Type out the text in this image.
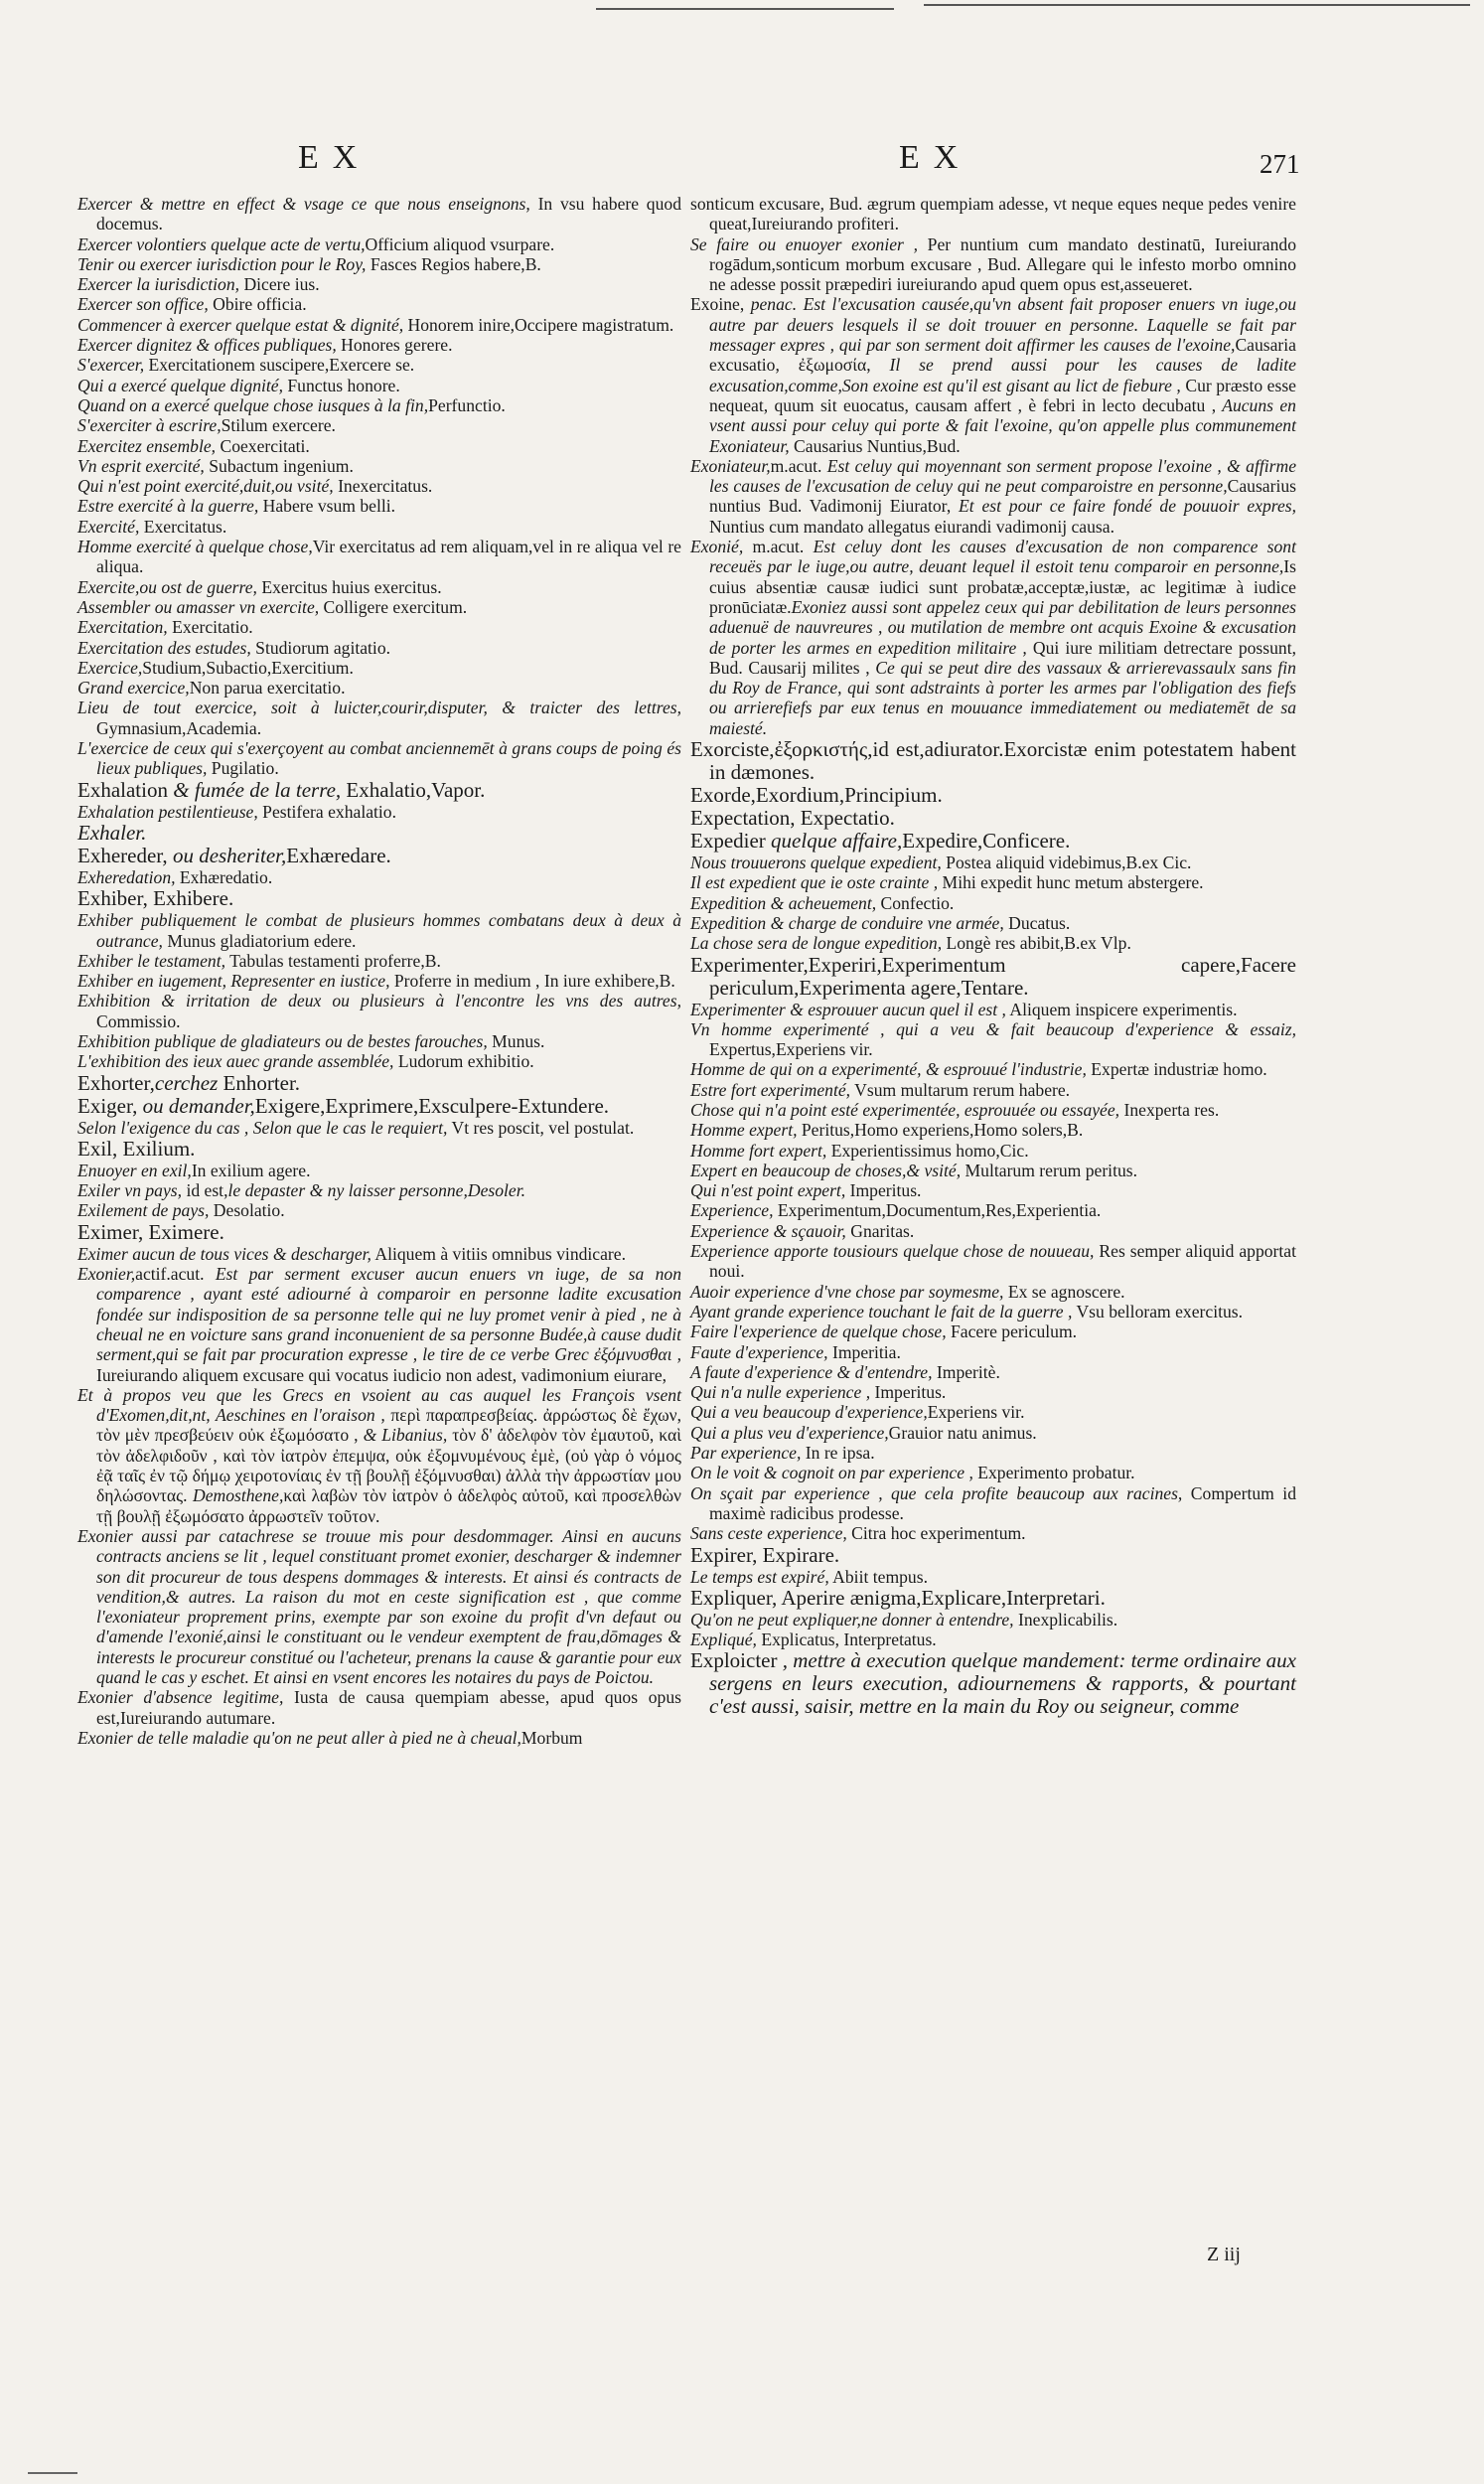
EX	EX	271

Exercer & mettre en effect & vsage ce que nous enseignons, In vsu habere quod docemus.

Exercer volontiers quelque acte de vertu,Officium aliquod vsurpare.

Tenir ou exercer iurisdiction pour le Roy, Fasces Regios habere,B.

Exercer la iurisdiction, Dicere ius.

Exercer son office, Obire officia.

Commencer à exercer quelque estat & dignité, Honorem inire,Occipere magistratum.

Exercer dignitez & offices publiques, Honores gerere.

S'exercer, Exercitationem suscipere,Exercere se.

Qui a exercé quelque dignité, Functus honore.

Quand on a exercé quelque chose iusques à la fin,Perfunctio.

S'exerciter à escrire,Stilum exercere.

Exercitez ensemble, Coexercitati.

Vn esprit exercité, Subactum ingenium.

Qui n'est point exercité,duit,ou vsité, Inexercitatus.

Estre exercité à la guerre, Habere vsum belli.

Exercité, Exercitatus.

Homme exercité à quelque chose,Vir exercitatus ad rem aliquam,vel in re aliqua vel re aliqua.

Exercite,ou ost de guerre, Exercitus huius exercitus.

Assembler ou amasser vn exercite, Colligere exercitum.

Exercitation, Exercitatio.

Exercitation des estudes, Studiorum agitatio.

Exercice,Studium,Subactio,Exercitium.

Grand exercice,Non parua exercitatio.

Lieu de tout exercice, soit à luicter,courir,disputer, & traicter des lettres, Gymnasium,Academia.

L'exercice de ceux qui s'exerçoyent au combat anciennemēt à grans coups de poing és lieux publiques, Pugilatio.

Exhalation & fumée de la terre, Exhalatio,Vapor.

Exhalation pestilentieuse, Pestifera exhalatio.

Exhaler.

Exhereder, ou desheriter,Exhæredare.

Exheredation, Exhæredatio.

Exhiber, Exhibere.

Exhiber publiquement le combat de plusieurs hommes combatans deux à deux à outrance, Munus gladiatorium edere.

Exhiber le testament, Tabulas testamenti proferre,B.

Exhiber en iugement, Representer en iustice, Proferre in medium , In iure exhibere,B.

Exhibition & irritation de deux ou plusieurs à l'encontre les vns des autres, Commissio.

Exhibition publique de gladiateurs ou de bestes farouches, Munus.

L'exhibition des ieux auec grande assemblée, Ludorum exhibitio.

Exhorter,cerchez Enhorter.

Exiger, ou demander,Exigere,Exprimere,Exsculpere-Extundere.

Selon l'exigence du cas , Selon que le cas le requiert, Vt res poscit, vel postulat.

Exil, Exilium.

Enuoyer en exil,In exilium agere.

Exiler vn pays, id est,le depaster & ny laisser personne,Desoler.

Exilement de pays, Desolatio.

Eximer, Eximere.

Eximer aucun de tous vices & descharger, Aliquem à vitiis omnibus vindicare.

Exonier,actif.acut. Est par serment excuser aucun enuers vn iuge, de sa non comparence , ayant esté adiourné à comparoir en personne ladite excusation fondée sur indisposition de sa personne telle qui ne luy promet venir à pied , ne à cheual ne en voicture sans grand inconuenient de sa personne Budée,à cause dudit serment,qui se fait par procuration expresse , le tire de ce verbe Grec ἐξόμνυσθαι , Iureiurando aliquem excusare qui vocatus iudicio non adest, vadimonium eiurare,

Et à propos veu que les Grecs en vsoient au cas auquel les François vsent d'Exomen,dit,nt, Aeschines en l'oraison , περὶ παραπρεσβείας. ἀρρώστως δὲ ἔχων, τὸν μὲν πρεσβεύειν οὐκ ἐξωμόσατο , & Libanius, τὸν δ' ἀδελφὸν τὸν ἐμαυτοῦ, καὶ τὸν ἀδελφιδοῦν , καὶ τὸν ἰατρὸν ἐπεμψα, οὐκ ἐξομνυμένους ἐμὲ, (οὐ γὰρ ὁ νόμος ἐᾷ ταῖς ἐν τῷ δήμῳ χειροτονίαις ἐν τῇ βουλῇ ἐξόμνυσθαι) ἀλλὰ τὴν ἀρρωστίαν μου δηλώσοντας. Demosthene,καὶ λαβὼν τὸν ἰατρὸν ὁ ἀδελφὸς αὐτοῦ, καὶ προσελθὼν τῇ βουλῇ ἐξωμόσατο ἀρρωστεῖν τοῦτον.

Exonier aussi par catachrese se trouue mis pour desdommager. Ainsi en aucuns contracts anciens se lit , lequel constituant promet exonier, descharger & indemner son dit procureur de tous despens dommages & interests. Et ainsi és contracts de vendition,& autres. La raison du mot en ceste signification est , que comme l'exoniateur proprement prins, exempte par son exoine du profit d'vn defaut ou d'amende l'exonié,ainsi le constituant ou le vendeur exemptent de frau,dōmages & interests le procureur constitué ou l'acheteur, prenans la cause & garantie pour eux quand le cas y eschet. Et ainsi en vsent encores les notaires du pays de Poictou.

Exonier d'absence legitime, Iusta de causa quempiam abesse, apud quos opus est,Iureiurando autumare.

Exonier de telle maladie qu'on ne peut aller à pied ne à cheual,Morbum

sonticum excusare, Bud. ægrum quempiam adesse, vt neque eques neque pedes venire queat,Iureiurando profiteri.

Se faire ou enuoyer exonier , Per nuntium cum mandato destinatū, Iureiurando rogādum,sonticum morbum excusare , Bud. Allegare qui le infesto morbo omnino ne adesse possit præpediri iureiurando apud quem opus est,asseueret.

Exoine, penac. Est l'excusation causée,qu'vn absent fait proposer enuers vn iuge,ou autre par deuers lesquels il se doit trouuer en personne. Laquelle se fait par messager expres , qui par son serment doit affirmer les causes de l'exoine,Causaria excusatio, ἐξωμοσία, Il se prend aussi pour les causes de ladite excusation,comme,Son exoine est qu'il est gisant au lict de fiebure , Cur præsto esse nequeat, quum sit euocatus, causam affert , è febri in lecto decubatu , Aucuns en vsent aussi pour celuy qui porte & fait l'exoine, qu'on appelle plus communement Exoniateur, Causarius Nuntius,Bud.

Exoniateur,m.acut. Est celuy qui moyennant son serment propose l'exoine , & affirme les causes de l'excusation de celuy qui ne peut comparoistre en personne,Causarius nuntius Bud. Vadimonij Eiurator, Et est pour ce faire fondé de pouuoir expres, Nuntius cum mandato allegatus eiurandi vadimonij causa.

Exonié, m.acut. Est celuy dont les causes d'excusation de non comparence sont receuës par le iuge,ou autre, deuant lequel il estoit tenu comparoir en personne,Is cuius absentiæ causæ iudici sunt probatæ,acceptæ,iustæ, ac legitimæ à iudice pronūciatæ.Exoniez aussi sont appelez ceux qui par debilitation de leurs personnes aduenuë de nauvreures , ou mutilation de membre ont acquis Exoine & excusation de porter les armes en expedition militaire , Qui iure militiam detrectare possunt, Bud. Causarij milites , Ce qui se peut dire des vassaux & arrierevassaulx sans fin du Roy de France, qui sont adstraints à porter les armes par l'obligation des fiefs ou arrierefiefs par eux tenus en mouuance immediatement ou mediatemēt de sa maiesté.

Exorciste,ἐξορκιστής,id est,adiurator.Exorcistæ enim potestatem habent in dæmones.

Exorde,Exordium,Principium.

Expectation, Expectatio.

Expedier quelque affaire,Expedire,Conficere.

Nous trouuerons quelque expedient, Postea aliquid videbimus,B.ex Cic.

Il est expedient que ie oste crainte , Mihi expedit hunc metum abstergere.

Expedition & acheuement, Confectio.

Expedition & charge de conduire vne armée, Ducatus.

La chose sera de longue expedition, Longè res abibit,B.ex Vlp.

Experimenter,Experiri,Experimentum capere,Facere periculum,Experimenta agere,Tentare.

Experimenter & esprouuer aucun quel il est , Aliquem inspicere experimentis.

Vn homme experimenté , qui a veu & fait beaucoup d'experience & essaiz, Expertus,Experiens vir.

Homme de qui on a experimenté, & esprouué l'industrie, Expertæ industriæ homo.

Estre fort experimenté, Vsum multarum rerum habere.

Chose qui n'a point esté experimentée, esprouuée ou essayée, Inexperta res.

Homme expert, Peritus,Homo experiens,Homo solers,B.

Homme fort expert, Experientissimus homo,Cic.

Expert en beaucoup de choses,& vsité, Multarum rerum peritus.

Qui n'est point expert, Imperitus.

Experience, Experimentum,Documentum,Res,Experientia.

Experience & sçauoir, Gnaritas.

Experience apporte tousiours quelque chose de nouueau, Res semper aliquid apportat noui.

Auoir experience d'vne chose par soymesme, Ex se agnoscere.

Ayant grande experience touchant le fait de la guerre , Vsu belloram exercitus.

Faire l'experience de quelque chose, Facere periculum.

Faute d'experience, Imperitia.

A faute d'experience & d'entendre, Imperitè.

Qui n'a nulle experience , Imperitus.

Qui a veu beaucoup d'experience,Experiens vir.

Qui a plus veu d'experience,Grauior natu animus.

Par experience, In re ipsa.

On le voit & cognoit on par experience , Experimento probatur.

On sçait par experience , que cela profite beaucoup aux racines, Compertum id maximè radicibus prodesse.

Sans ceste experience, Citra hoc experimentum.

Expirer, Expirare.

Le temps est expiré, Abiit tempus.

Expliquer, Aperire ænigma,Explicare,Interpretari.

Qu'on ne peut expliquer,ne donner à entendre, Inexplicabilis.

Expliqué, Explicatus, Interpretatus.

Exploicter , mettre à execution quelque mandement: terme ordinaire aux sergens en leurs execution, adiournemens & rapports, & pourtant c'est aussi, saisir, mettre en la main du Roy ou seigneur, comme

Z iij
